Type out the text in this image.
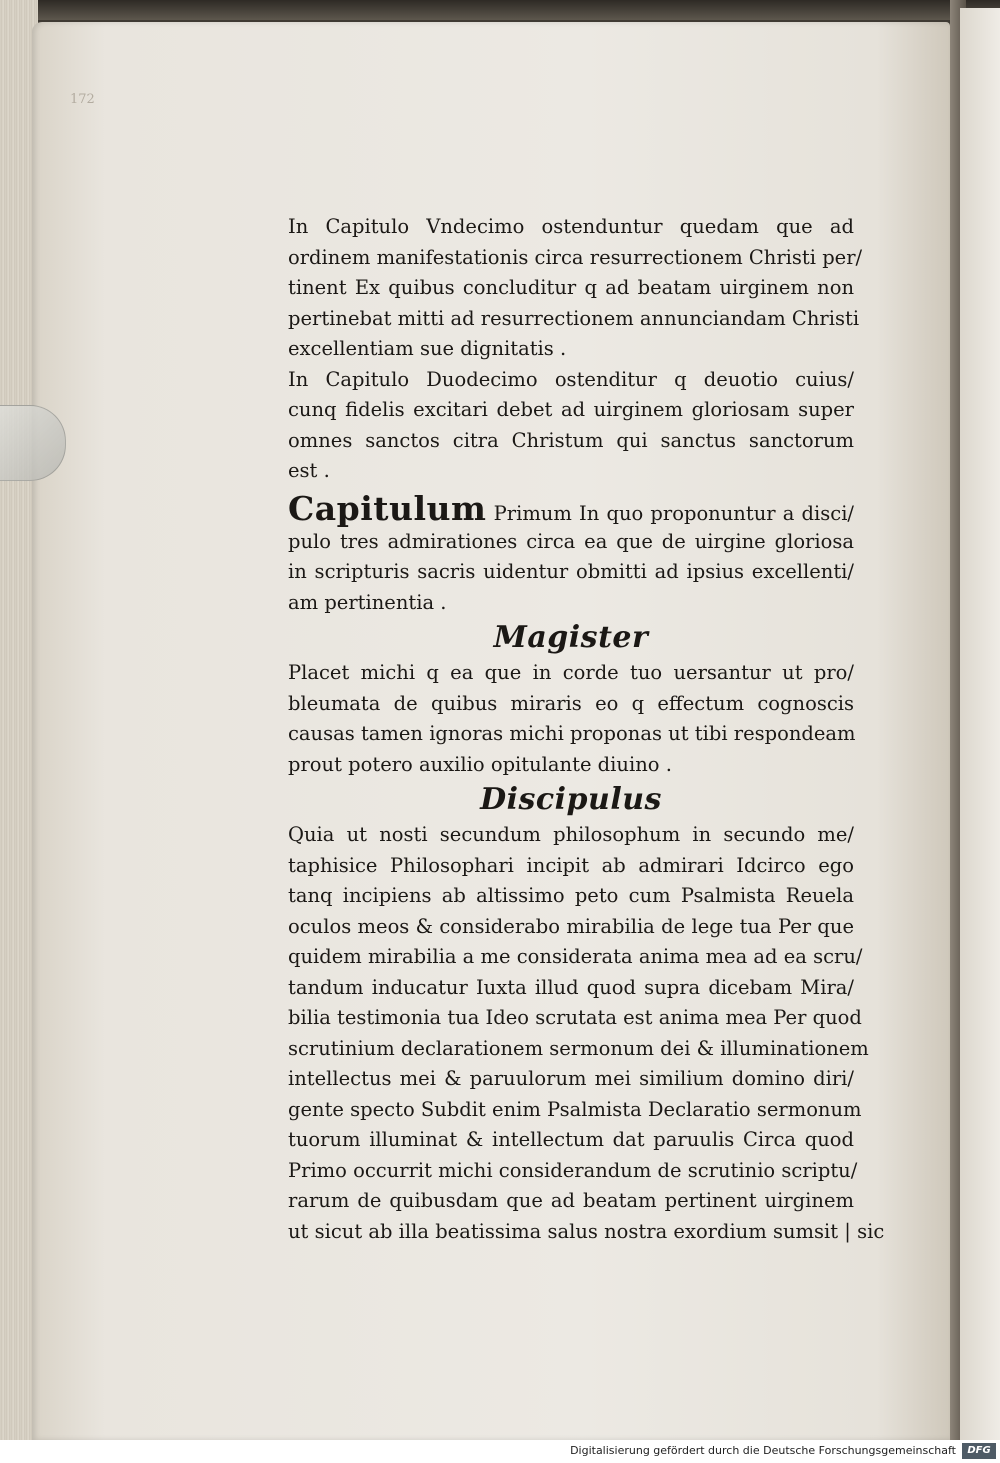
172
In Capitulo Vndecimo ostenduntur quedam que ad
ordinem manifestationis circa resurrectionem Christi per/
tinent Ex quibus concluditur q ad beatam uirginem non
pertinebat mitti ad resurrectionem annunciandam Christi
excellentiam sue dignitatis .
In Capitulo Duodecimo ostenditur q deuotio cuius/
cunq fidelis excitari debet ad uirginem gloriosam super
omnes sanctos citra Christum qui sanctus sanctorum
est .
Capitulum Primum In quo proponuntur a disci/
pulo tres admirationes circa ea que de uirgine gloriosa
in scripturis sacris uidentur obmitti ad ipsius excellenti/
am pertinentia .
Magister
Placet michi q ea que in corde tuo uersantur ut pro/
bleumata de quibus miraris eo q effectum cognoscis
causas tamen ignoras michi proponas ut tibi respondeam
prout potero auxilio opitulante diuino .
Discipulus
Quia ut nosti secundum philosophum in secundo me/
taphisice Philosophari incipit ab admirari Idcirco ego
tanq incipiens ab altissimo peto cum Psalmista Reuela
oculos meos & considerabo mirabilia de lege tua Per que
quidem mirabilia a me considerata anima mea ad ea scru/
tandum inducatur Iuxta illud quod supra dicebam Mira/
bilia testimonia tua Ideo scrutata est anima mea Per quod
scrutinium declarationem sermonum dei & illuminationem
intellectus mei & paruulorum mei similium domino diri/
gente specto Subdit enim Psalmista Declaratio sermonum
tuorum illuminat & intellectum dat paruulis Circa quod
Primo occurrit michi considerandum de scrutinio scriptu/
rarum de quibusdam que ad beatam pertinent uirginem
ut sicut ab illa beatissima salus nostra exordium sumsit | sic
Digitalisierung gefördert durch die Deutsche Forschungsgemeinschaft	DFG
